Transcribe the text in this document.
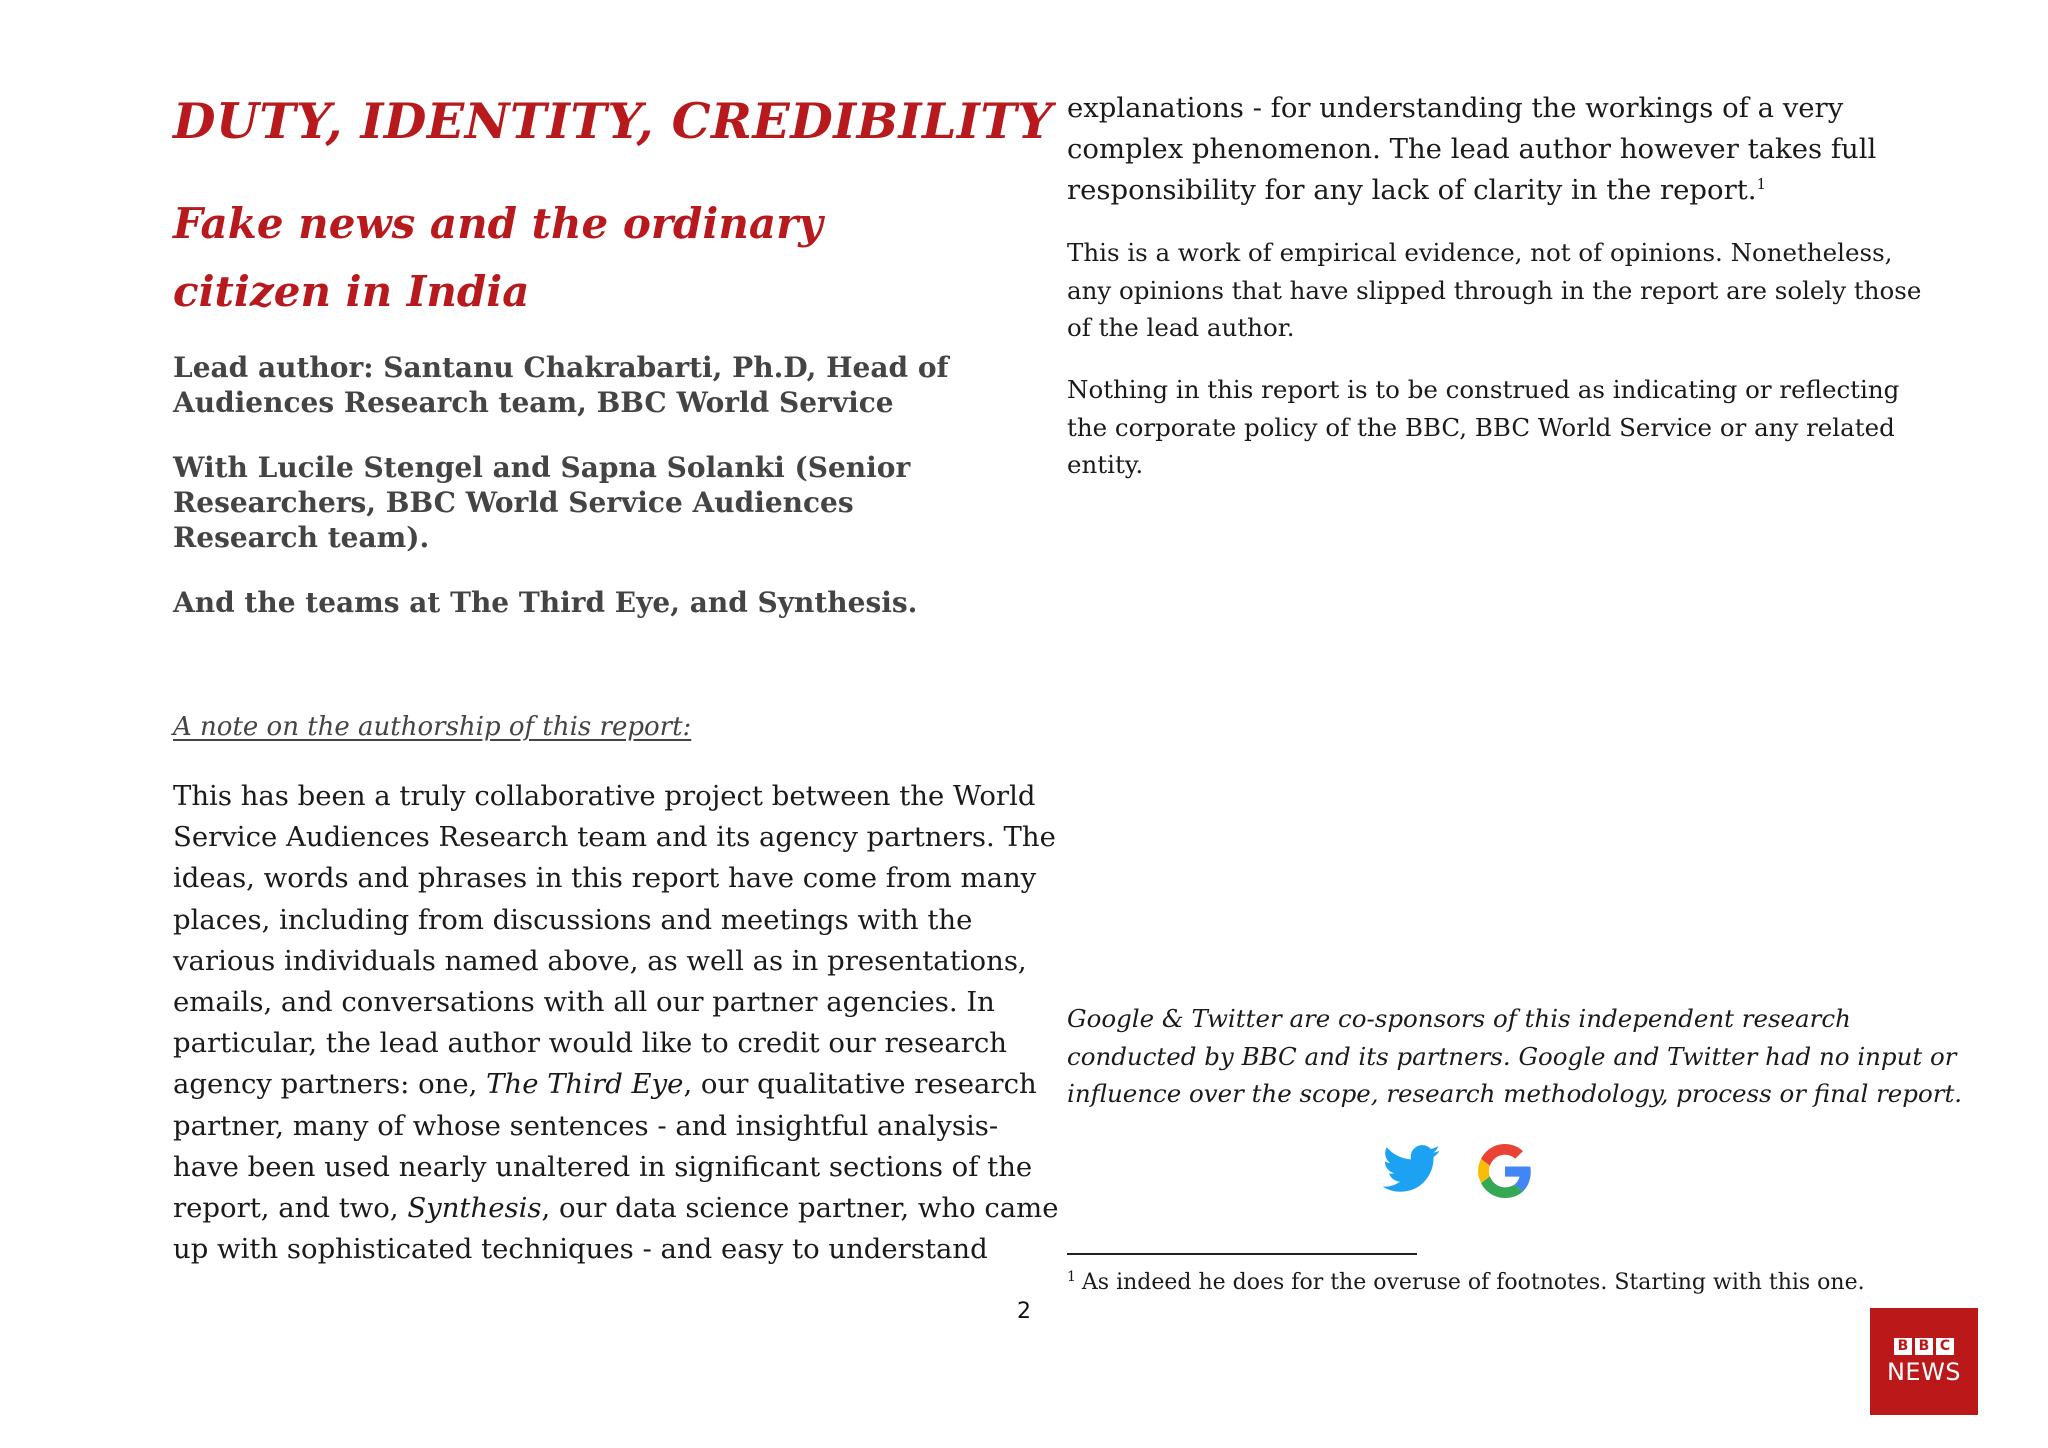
DUTY, IDENTITY, CREDIBILITY
Fake news and the ordinary citizen in India

Lead author: Santanu Chakrabarti, Ph.D, Head of Audiences Research team, BBC World Service

With Lucile Stengel and Sapna Solanki (Senior Researchers, BBC World Service Audiences Research team).

And the teams at The Third Eye, and Synthesis.

A note on the authorship of this report:

This has been a truly collaborative project between the World
Service Audiences Research team and its agency partners. The
ideas, words and phrases in this report have come from many
places, including from discussions and meetings with the
various individuals named above, as well as in presentations,
emails, and conversations with all our partner agencies. In
particular, the lead author would like to credit our research
agency partners: one, The Third Eye, our qualitative research
partner, many of whose sentences - and insightful analysis-
have been used nearly unaltered in significant sections of the
report, and two, Synthesis, our data science partner, who came
up with sophisticated techniques - and easy to understand

explanations - for understanding the workings of a very
complex phenomenon. The lead author however takes full
responsibility for any lack of clarity in the report.$^1$

This is a work of empirical evidence, not of opinions. Nonetheless,
any opinions that have slipped through in the report are solely those
of the lead author.

Nothing in this report is to be construed as indicating or reflecting
the corporate policy of the BBC, BBC World Service or any related
entity.

Google & Twitter are co-sponsors of this independent research
conducted by BBC and its partners. Google and Twitter had no input or
influence over the scope, research methodology, process or final report.

$^1$ As indeed he does for the overuse of footnotes. Starting with this one.

2
B B C
NEWS
